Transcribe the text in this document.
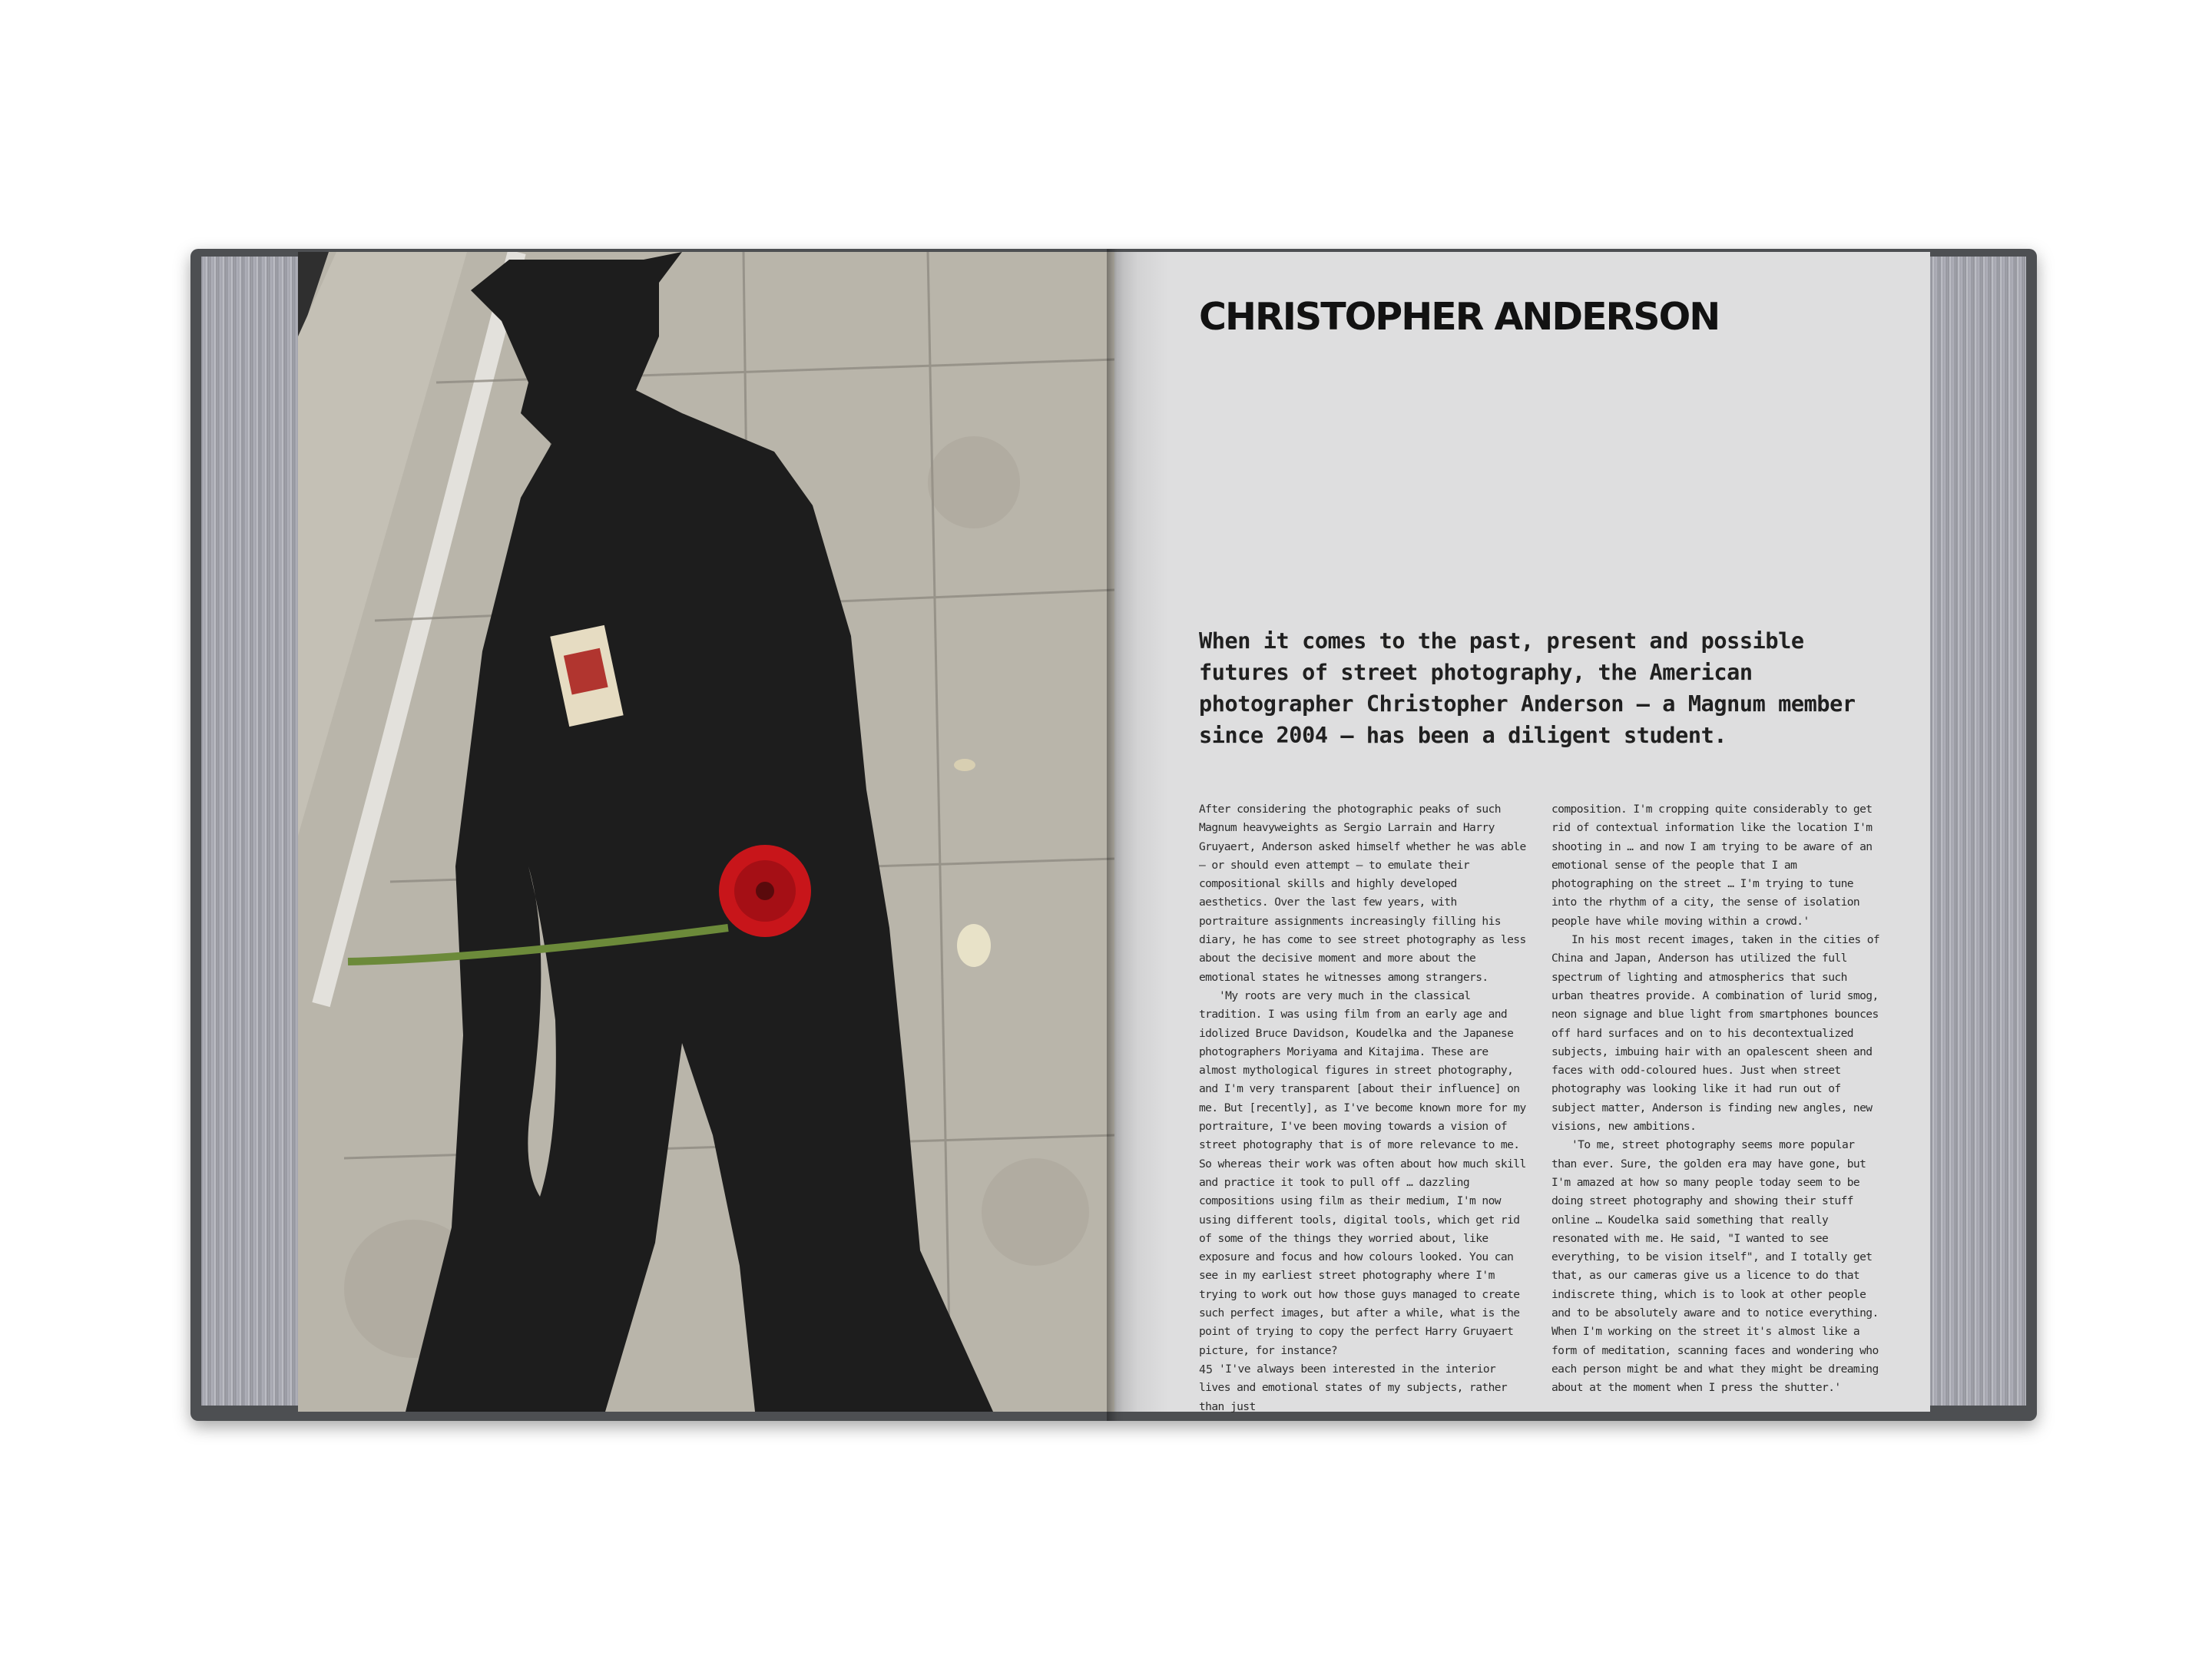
CHRISTOPHER ANDERSON

When it comes to the past, present and possible futures of street photography, the American photographer Christopher Anderson – a Magnum member since 2004 – has been a diligent student.

After considering the photographic peaks of such Magnum heavyweights as Sergio Larrain and Harry Gruyaert, Anderson asked himself whether he was able – or should even attempt – to emulate their compositional skills and highly developed aesthetics. Over the last few years, with portraiture assignments increasingly filling his diary, he has come to see street photography as less about the decisive moment and more about the emotional states he witnesses among strangers.

'My roots are very much in the classical tradition. I was using film from an early age and idolized Bruce Davidson, Koudelka and the Japanese photographers Moriyama and Kitajima. These are almost mythological figures in street photography, and I'm very transparent [about their influence] on me. But [recently], as I've become known more for my portraiture, I've been moving towards a vision of street photography that is of more relevance to me. So whereas their work was often about how much skill and practice it took to pull off … dazzling compositions using film as their medium, I'm now using different tools, digital tools, which get rid of some of the things they worried about, like exposure and focus and how colours looked. You can see in my earliest street photography where I'm trying to work out how those guys managed to create such perfect images, but after a while, what is the point of trying to copy the perfect Harry Gruyaert picture, for instance?

'I've always been interested in the interior lives and emotional states of my subjects, rather than just

composition. I'm cropping quite considerably to get rid of contextual information like the location I'm shooting in … and now I am trying to be aware of an emotional sense of the people that I am photographing on the street … I'm trying to tune into the rhythm of a city, the sense of isolation people have while moving within a crowd.'

In his most recent images, taken in the cities of China and Japan, Anderson has utilized the full spectrum of lighting and atmospherics that such urban theatres provide. A combination of lurid smog, neon signage and blue light from smartphones bounces off hard surfaces and on to his decontextualized subjects, imbuing hair with an opalescent sheen and faces with odd-coloured hues. Just when street photography was looking like it had run out of subject matter, Anderson is finding new angles, new visions, new ambitions.

'To me, street photography seems more popular than ever. Sure, the golden era may have gone, but I'm amazed at how so many people today seem to be doing street photography and showing their stuff online … Koudelka said something that really resonated with me. He said, "I wanted to see everything, to be vision itself", and I totally get that, as our cameras give us a licence to do that indiscrete thing, which is to look at other people and to be absolutely aware and to notice everything. When I'm working on the street it's almost like a form of meditation, scanning faces and wondering who each person might be and what they might be dreaming about at the moment when I press the shutter.'

45
